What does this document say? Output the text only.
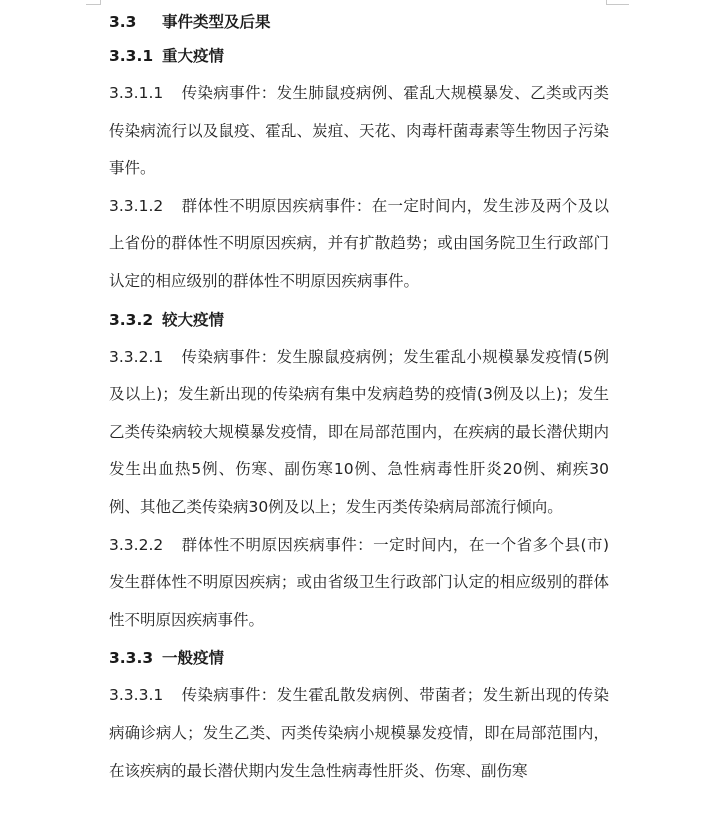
3.3 事件类型及后果
3.3.1 重大疫情

3.3.1.1 传染病事件：发生肺鼠疫病例、霍乱大规模暴发、乙类或丙类传染病流行以及鼠疫、霍乱、炭疽、天花、肉毒杆菌毒素等生物因子污染事件。

3.3.1.2 群体性不明原因疾病事件：在一定时间内，发生涉及两个及以上省份的群体性不明原因疾病，并有扩散趋势；或由国务院卫生行政部门认定的相应级别的群体性不明原因疾病事件。

3.3.2 较大疫情

3.3.2.1 传染病事件：发生腺鼠疫病例；发生霍乱小规模暴发疫情(5例及以上)；发生新出现的传染病有集中发病趋势的疫情(3例及以上)；发生乙类传染病较大规模暴发疫情，即在局部范围内，在疾病的最长潜伏期内发生出血热5例、伤寒、副伤寒10例、急性病毒性肝炎20例、痢疾30例、其他乙类传染病30例及以上；发生丙类传染病局部流行倾向。

3.3.2.2 群体性不明原因疾病事件：一定时间内，在一个省多个县(市)发生群体性不明原因疾病；或由省级卫生行政部门认定的相应级别的群体性不明原因疾病事件。

3.3.3 一般疫情

3.3.3.1 传染病事件：发生霍乱散发病例、带菌者；发生新出现的传染病确诊病人；发生乙类、丙类传染病小规模暴发疫情，即在局部范围内，在该疾病的最长潜伏期内发生急性病毒性肝炎、伤寒、副伤寒
